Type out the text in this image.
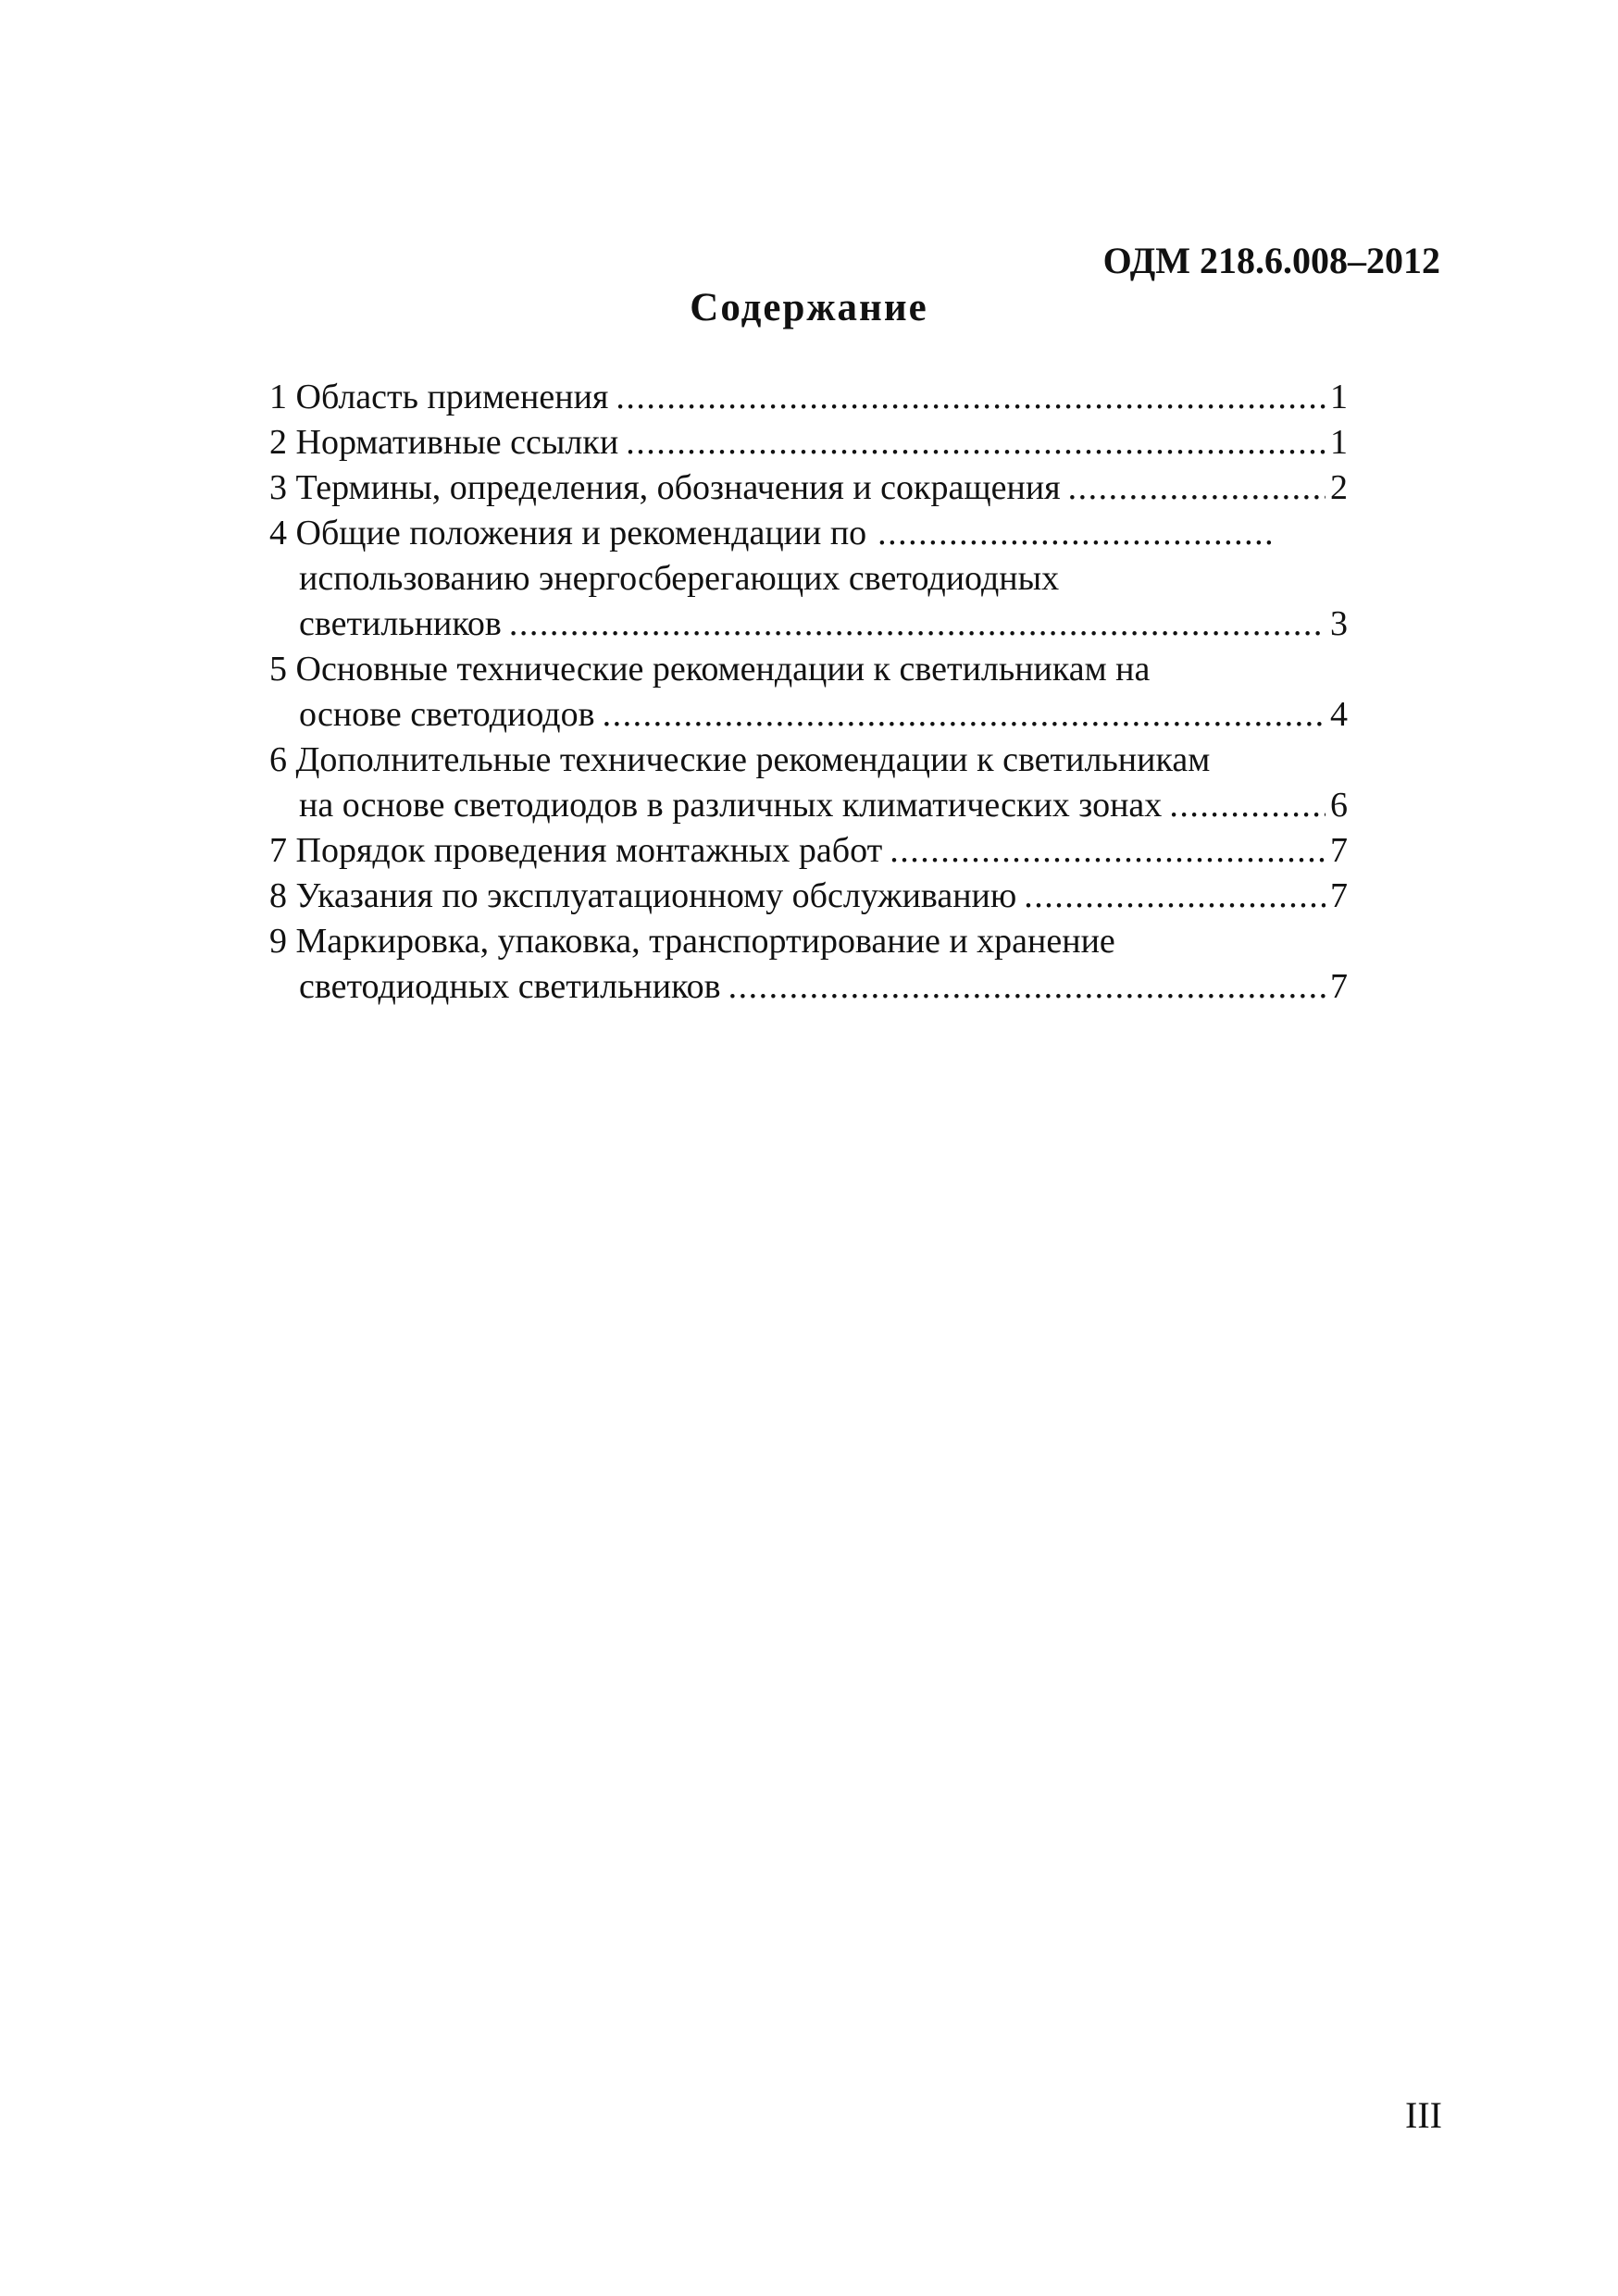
ОДМ 218.6.008–2012
Содержание
1 Область применения . . .	1
2 Нормативные ссылки . . .	1
3 Термины, определения, обозначения и сокращения . . .	2
4 Общие положения и рекомендации по
. . .
использованию энергосберегающих светодиодных
светильников . . .	3
5 Основные технические рекомендации к светильникам на
основе светодиодов . . .	4
6 Дополнительные технические рекомендации к светильникам
на основе светодиодов в различных климатических зонах . . .	6
7 Порядок проведения монтажных работ . . .	7
8 Указания по эксплуатационному обслуживанию . . .	7
9 Маркировка, упаковка, транспортирование и хранение
светодиодных светильников . . .	7
III
